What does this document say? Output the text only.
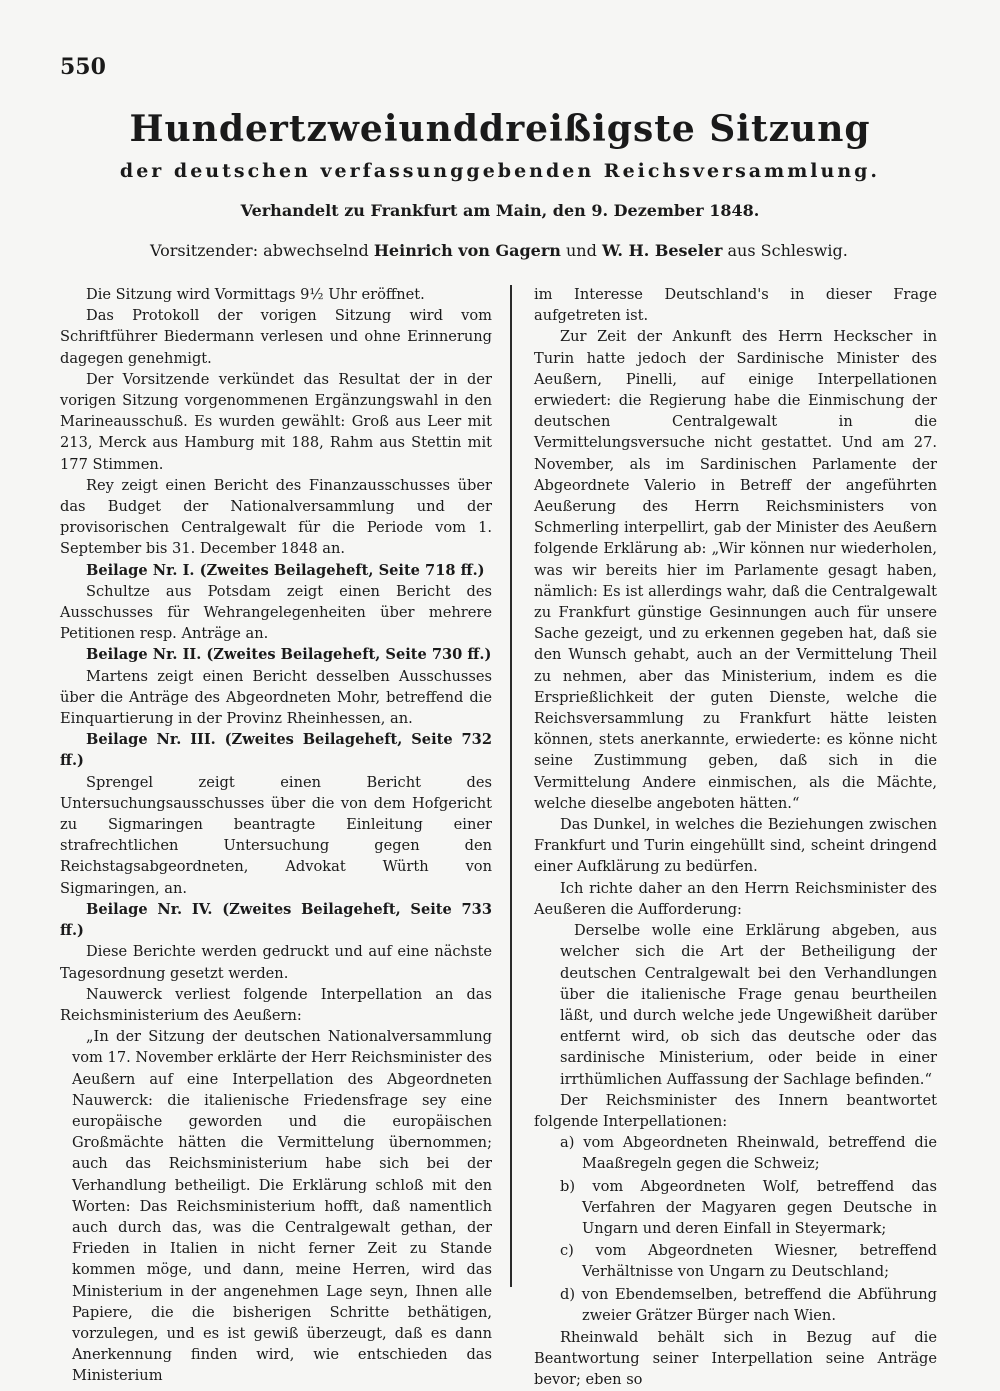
550
Hundertzweiunddreißigste Sitzung
der deutschen verfassunggebenden Reichsversammlung.
Verhandelt zu Frankfurt am Main, den 9. Dezember 1848.
Vorsitzender: abwechselnd Heinrich von Gagern und W. H. Beseler aus Schleswig.

Die Sitzung wird Vormittags 9½ Uhr eröffnet.

Das Protokoll der vorigen Sitzung wird vom Schriftführer Biedermann verlesen und ohne Erinnerung dagegen genehmigt.

Der Vorsitzende verkündet das Resultat der in der vorigen Sitzung vorgenommenen Ergänzungswahl in den Marineausschuß. Es wurden gewählt: Groß aus Leer mit 213, Merck aus Hamburg mit 188, Rahm aus Stettin mit 177 Stimmen.

Rey zeigt einen Bericht des Finanzausschusses über das Budget der Nationalversammlung und der provisorischen Centralgewalt für die Periode vom 1. September bis 31. December 1848 an.

Beilage Nr. I. (Zweites Beilageheft, Seite 718 ff.)

Schultze aus Potsdam zeigt einen Bericht des Ausschusses für Wehrangelegenheiten über mehrere Petitionen resp. Anträge an.

Beilage Nr. II. (Zweites Beilageheft, Seite 730 ff.)

Martens zeigt einen Bericht desselben Ausschusses über die Anträge des Abgeordneten Mohr, betreffend die Einquartierung in der Provinz Rheinhessen, an.

Beilage Nr. III. (Zweites Beilageheft, Seite 732 ff.)

Sprengel zeigt einen Bericht des Untersuchungsausschusses über die von dem Hofgericht zu Sigmaringen beantragte Einleitung einer strafrechtlichen Untersuchung gegen den Reichstagsabgeordneten, Advokat Würth von Sigmaringen, an.

Beilage Nr. IV. (Zweites Beilageheft, Seite 733 ff.)

Diese Berichte werden gedruckt und auf eine nächste Tagesordnung gesetzt werden.

Nauwerck verliest folgende Interpellation an das Reichsministerium des Aeußern:

„In der Sitzung der deutschen Nationalversammlung vom 17. November erklärte der Herr Reichsminister des Aeußern auf eine Interpellation des Abgeordneten Nauwerck: die italienische Friedensfrage sey eine europäische geworden und die europäischen Großmächte hätten die Vermittelung übernommen; auch das Reichsministerium habe sich bei der Verhandlung betheiligt. Die Erklärung schloß mit den Worten: Das Reichsministerium hofft, daß namentlich auch durch das, was die Centralgewalt gethan, der Frieden in Italien in nicht ferner Zeit zu Stande kommen möge, und dann, meine Herren, wird das Ministerium in der angenehmen Lage seyn, Ihnen alle Papiere, die die bisherigen Schritte bethätigen, vorzulegen, und es ist gewiß überzeugt, daß es dann Anerkennung finden wird, wie entschieden das Ministerium

im Interesse Deutschland's in dieser Frage aufgetreten ist.

Zur Zeit der Ankunft des Herrn Heckscher in Turin hatte jedoch der Sardinische Minister des Aeußern, Pinelli, auf einige Interpellationen erwiedert: die Regierung habe die Einmischung der deutschen Centralgewalt in die Vermittelungsversuche nicht gestattet. Und am 27. November, als im Sardinischen Parlamente der Abgeordnete Valerio in Betreff der angeführten Aeußerung des Herrn Reichsministers von Schmerling interpellirt, gab der Minister des Aeußern folgende Erklärung ab: „Wir können nur wiederholen, was wir bereits hier im Parlamente gesagt haben, nämlich: Es ist allerdings wahr, daß die Centralgewalt zu Frankfurt günstige Gesinnungen auch für unsere Sache gezeigt, und zu erkennen gegeben hat, daß sie den Wunsch gehabt, auch an der Vermittelung Theil zu nehmen, aber das Ministerium, indem es die Ersprießlichkeit der guten Dienste, welche die Reichsversammlung zu Frankfurt hätte leisten können, stets anerkannte, erwiederte: es könne nicht seine Zustimmung geben, daß sich in die Vermittelung Andere einmischen, als die Mächte, welche dieselbe angeboten hätten.“

Das Dunkel, in welches die Beziehungen zwischen Frankfurt und Turin eingehüllt sind, scheint dringend einer Aufklärung zu bedürfen.

Ich richte daher an den Herrn Reichsminister des Aeußeren die Aufforderung:

Derselbe wolle eine Erklärung abgeben, aus welcher sich die Art der Betheiligung der deutschen Centralgewalt bei den Verhandlungen über die italienische Frage genau beurtheilen läßt, und durch welche jede Ungewißheit darüber entfernt wird, ob sich das deutsche oder das sardinische Ministerium, oder beide in einer irrthümlichen Auffassung der Sachlage befinden.“

Der Reichsminister des Innern beantwortet folgende Interpellationen:

a) vom Abgeordneten Rheinwald, betreffend die Maaßregeln gegen die Schweiz;
b) vom Abgeordneten Wolf, betreffend das Verfahren der Magyaren gegen Deutsche in Ungarn und deren Einfall in Steyermark;
c) vom Abgeordneten Wiesner, betreffend Verhältnisse von Ungarn zu Deutschland;
d) von Ebendemselben, betreffend die Abführung zweier Grätzer Bürger nach Wien.

Rheinwald behält sich in Bezug auf die Beantwortung seiner Interpellation seine Anträge bevor; eben so
